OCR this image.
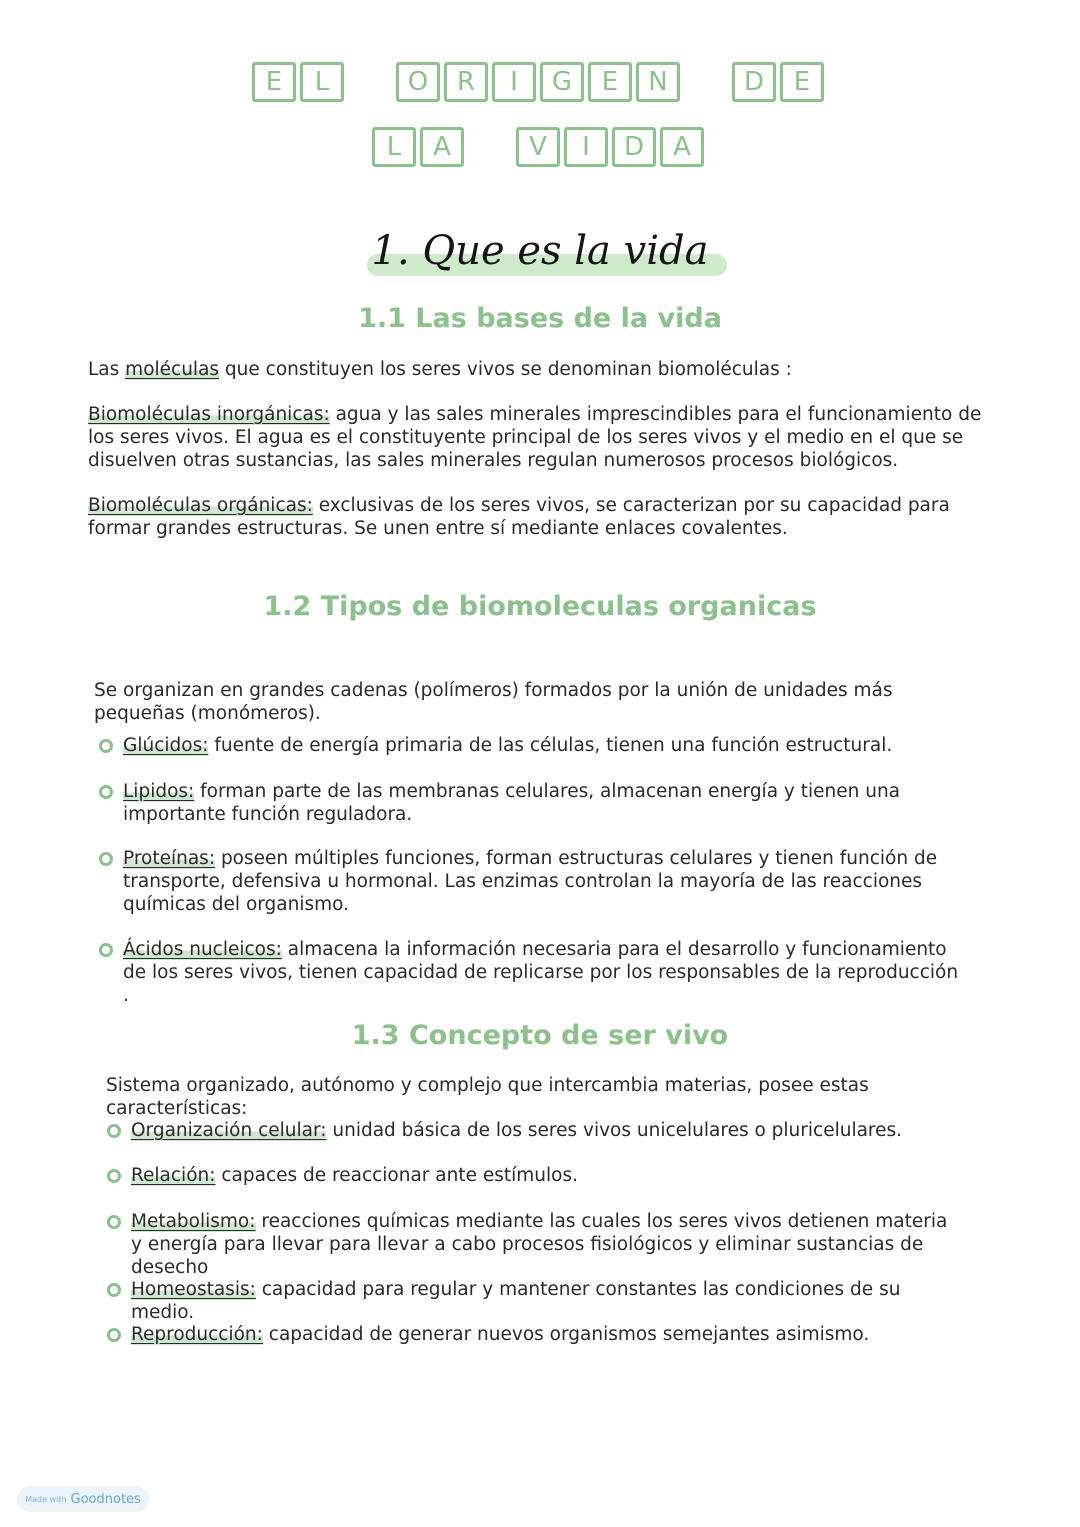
E	L	O	R	I	G	E	N	D	E
L	A	V	I	D	A
1. Que es la vida
1.1 Las bases de la vida
Las moléculas que constituyen los seres vivos se denominan biomoléculas :
Biomoléculas inorgánicas: agua y las sales minerales imprescindibles para el funcionamiento de los seres vivos. El agua es el constituyente principal de los seres vivos y el medio en el que se disuelven otras sustancias, las sales minerales regulan numerosos procesos biológicos.
Biomoléculas orgánicas: exclusivas de los seres vivos, se caracterizan por su capacidad para formar grandes estructuras. Se unen entre sí mediante enlaces covalentes.
1.2 Tipos de biomoleculas organicas
Se organizan en grandes cadenas (polímeros) formados por la unión de unidades más pequeñas (monómeros).
Glúcidos: fuente de energía primaria de las células, tienen una función estructural.
Lipidos: forman parte de las membranas celulares, almacenan energía y tienen una importante función reguladora.
Proteínas: poseen múltiples funciones, forman estructuras celulares y tienen función de transporte, defensiva u hormonal. Las enzimas controlan la mayoría de las reacciones químicas del organismo.
Ácidos nucleicos: almacena la información necesaria para el desarrollo y funcionamiento de los seres vivos, tienen capacidad de replicarse por los responsables de la reproducción .
1.3 Concepto de ser vivo
Sistema organizado, autónomo y complejo que intercambia materias, posee estas características:
Organización celular: unidad básica de los seres vivos unicelulares o pluricelulares.
Relación: capaces de reaccionar ante estímulos.
Metabolismo: reacciones químicas mediante las cuales los seres vivos detienen materia y energía para llevar para llevar a cabo procesos fisiológicos y eliminar sustancias de desecho
Homeostasis: capacidad para regular y mantener constantes las condiciones de su medio.
Reproducción: capacidad de generar nuevos organismos semejantes asimismo.
Made with Goodnotes
